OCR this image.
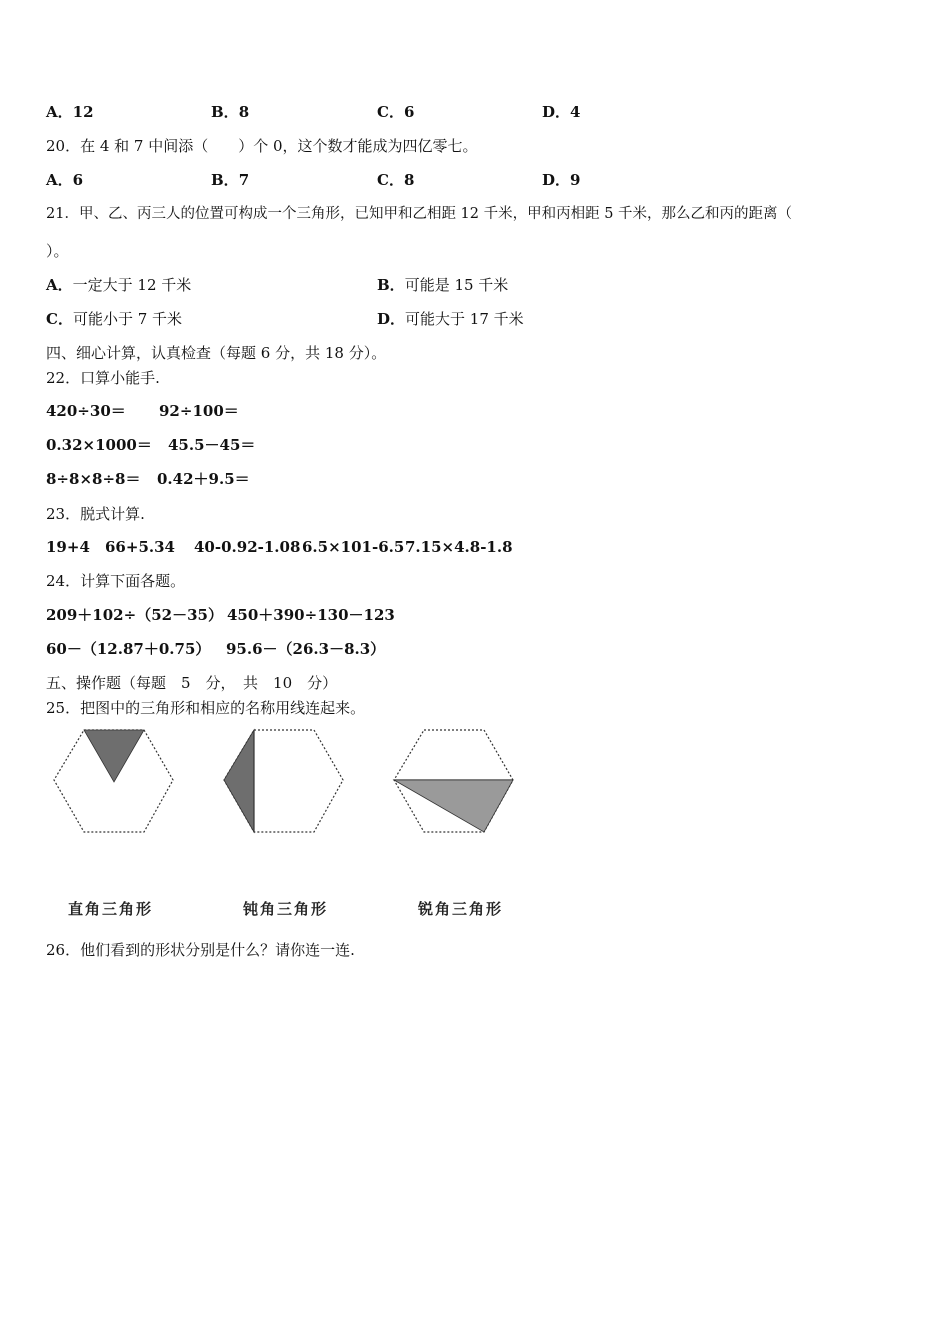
A．12	B．8	C．6	D．4
20．在 4 和 7 中间添（　　）个 0，这个数才能成为四亿零七。
A．6	B．7	C．8	D．9
21．甲、乙、丙三人的位置可构成一个三角形，已知甲和乙相距 12 千米，甲和丙相距 5 千米，那么乙和丙的距离（
）。
A．一定大于 12 千米	B．可能是 15 千米
C．可能小于 7 千米	D．可能大于 17 千米
四、细心计算，认真检查（每题 6 分，共 18 分）。
22．口算小能手.
420÷30＝ 92÷100＝
0.32×1000＝ 45.5－45＝
8÷8×8÷8＝ 0.42＋9.5＝
23．脱式计算.
19+4 66+5.34 40-0.92-1.08 6.5×101-6.5 7.15×4.8-1.8
24．计算下面各题。
209＋102÷（52－35） 450＋390÷130－123
60－（12.87＋0.75） 95.6－（26.3－8.3）
五、操作题（每题　5　分，　共　10　分）
25．把图中的三角形和相应的名称用线连起来。
直角三角形	钝角三角形	锐角三角形
26．他们看到的形状分别是什么？请你连一连.
